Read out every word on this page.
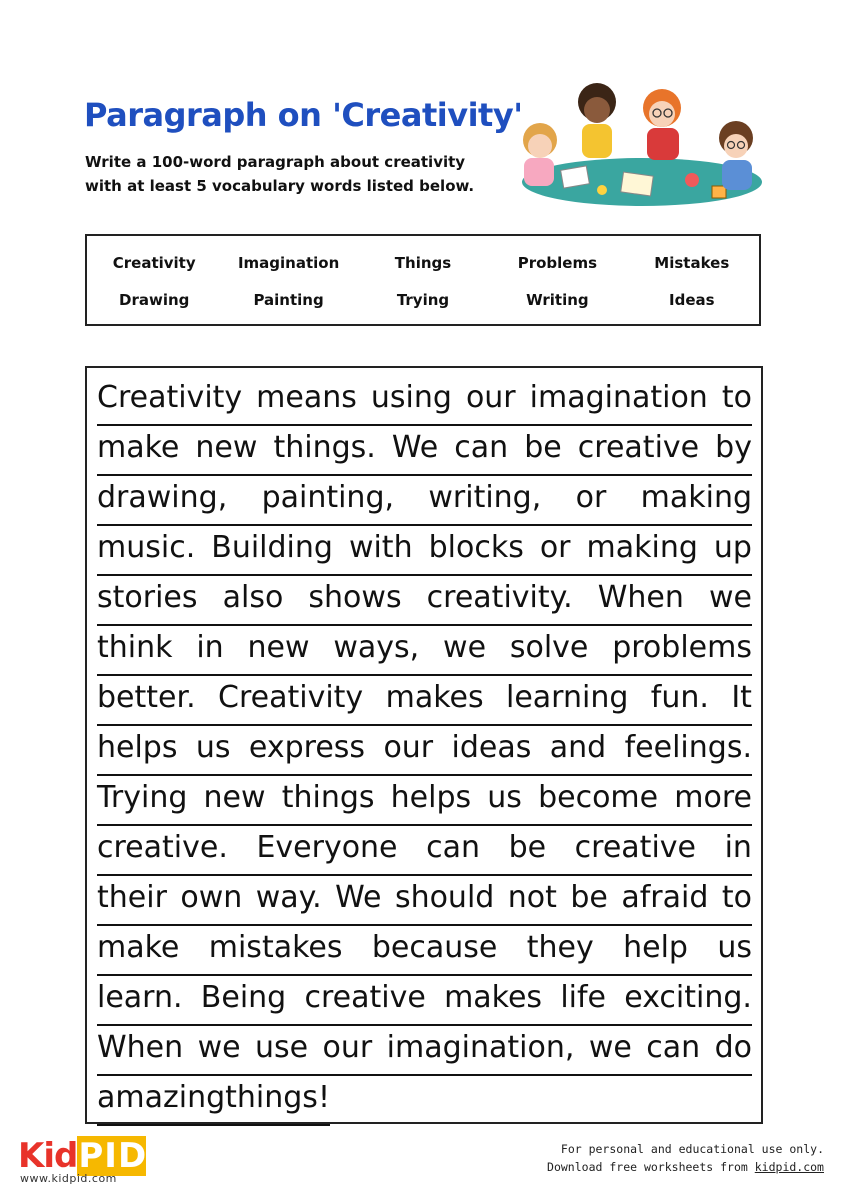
Paragraph on 'Creativity'
Write a 100-word paragraph about creativity with at least 5 vocabulary words listed below.
Creativity	Imagination	Things	Problems	Mistakes
Drawing	Painting	Trying	Writing	Ideas
Creativity means using our imagination to
make new things. We can be creative by
drawing, painting, writing, or making
music. Building with blocks or making up
stories also shows creativity. When we
think in new ways, we solve problems
better. Creativity makes learning fun. It
helps us express our ideas and feelings.
Trying new things helps us become more
creative. Everyone can be creative in
their own way. We should not be afraid to
make mistakes because they help us
learn. Being creative makes life exciting.
When we use our imagination, we can do
amazing things!
KidPID
www.kidpid.com
For personal and educational use only.
Download free worksheets from kidpid.com
